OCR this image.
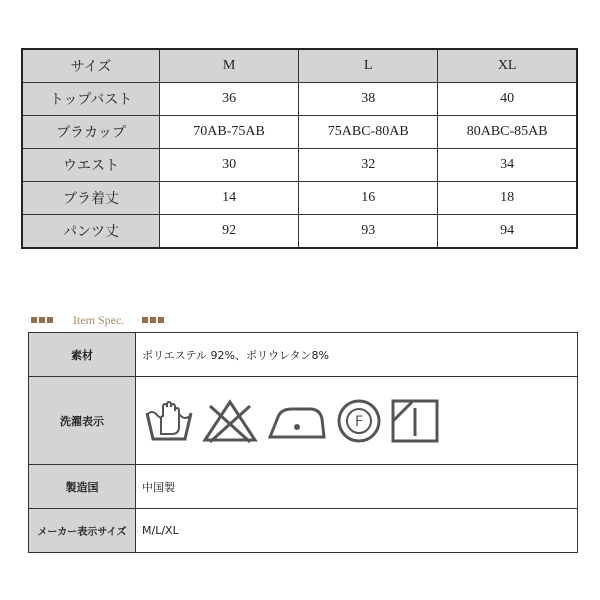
サイズ	M	L	XL
トップバスト	36	38	40
ブラカップ	70AB-75AB	75ABC-80AB	80ABC-85AB
ウエスト	30	32	34
ブラ着丈	14	16	18
パンツ丈	92	93	94
Item Spec.
素材	ポリエステル 92%、ポリウレタン8%
洗濯表示	F

製造国	中国製
メーカー表示サイズ	M/L/XL
